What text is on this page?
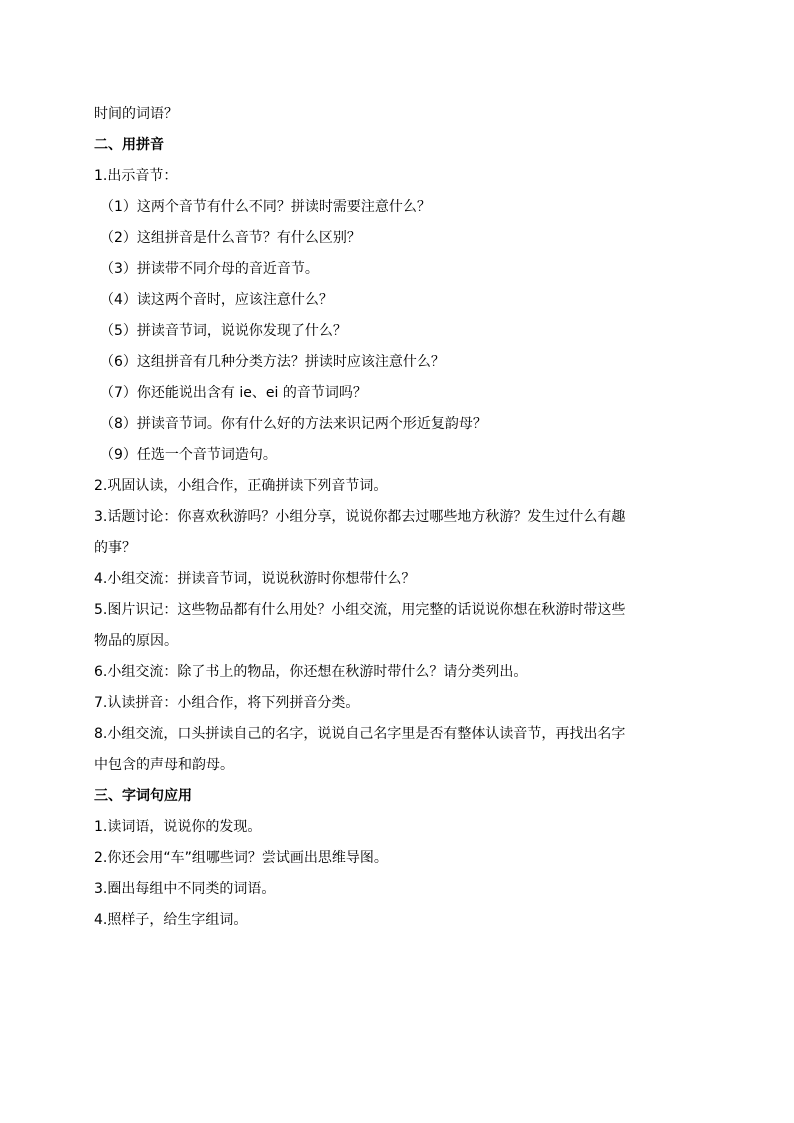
时间的词语？
二、用拼音
1.出示音节：
（1）这两个音节有什么不同？拼读时需要注意什么？
（2）这组拼音是什么音节？有什么区别？
（3）拼读带不同介母的音近音节。
（4）读这两个音时，应该注意什么？
（5）拼读音节词，说说你发现了什么？
（6）这组拼音有几种分类方法？拼读时应该注意什么？
（7）你还能说出含有 ie、ei 的音节词吗？
（8）拼读音节词。你有什么好的方法来识记两个形近复韵母？
（9）任选一个音节词造句。
2.巩固认读，小组合作，正确拼读下列音节词。
3.话题讨论：你喜欢秋游吗？小组分享，说说你都去过哪些地方秋游？发生过什么有趣
的事？
4.小组交流：拼读音节词，说说秋游时你想带什么？
5.图片识记：这些物品都有什么用处？小组交流，用完整的话说说你想在秋游时带这些
物品的原因。
6.小组交流：除了书上的物品，你还想在秋游时带什么？请分类列出。
7.认读拼音：小组合作，将下列拼音分类。
8.小组交流，口头拼读自己的名字，说说自己名字里是否有整体认读音节，再找出名字
中包含的声母和韵母。
三、字词句应用
1.读词语，说说你的发现。
2.你还会用“车”组哪些词？尝试画出思维导图。
3.圈出每组中不同类的词语。
4.照样子，给生字组词。
